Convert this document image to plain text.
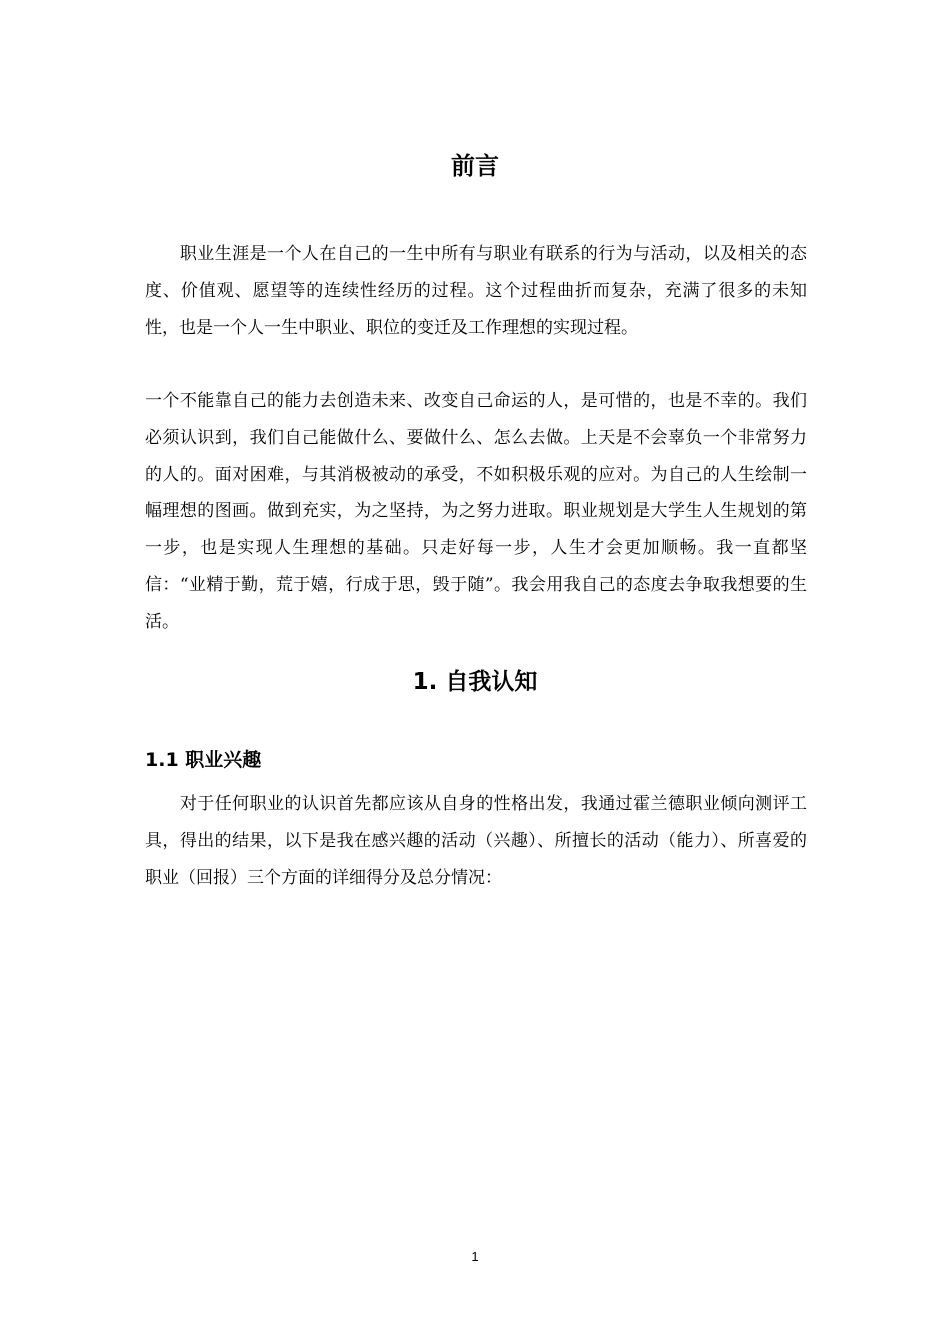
前言

　　职业生涯是一个人在自己的一生中所有与职业有联系的行为与活动，以及相关的态度、价值观、愿望等的连续性经历的过程。这个过程曲折而复杂，充满了很多的未知性，也是一个人一生中职业、职位的变迁及工作理想的实现过程。

一个不能靠自己的能力去创造未来、改变自己命运的人，是可惜的，也是不幸的。我们必须认识到，我们自己能做什么、要做什么、怎么去做。上天是不会辜负一个非常努力的人的。面对困难，与其消极被动的承受，不如积极乐观的应对。为自己的人生绘制一幅理想的图画。做到充实，为之坚持，为之努力进取。职业规划是大学生人生规划的第一步，也是实现人生理想的基础。只走好每一步，人生才会更加顺畅。我一直都坚信：“业精于勤，荒于嬉，行成于思，毁于随”。我会用我自己的态度去争取我想要的生活。

1. 自我认知
1.1 职业兴趣

　　对于任何职业的认识首先都应该从自身的性格出发，我通过霍兰德职业倾向测评工具，得出的结果，以下是我在感兴趣的活动（兴趣）、所擅长的活动（能力）、所喜爱的职业（回报）三个方面的详细得分及总分情况：

1
